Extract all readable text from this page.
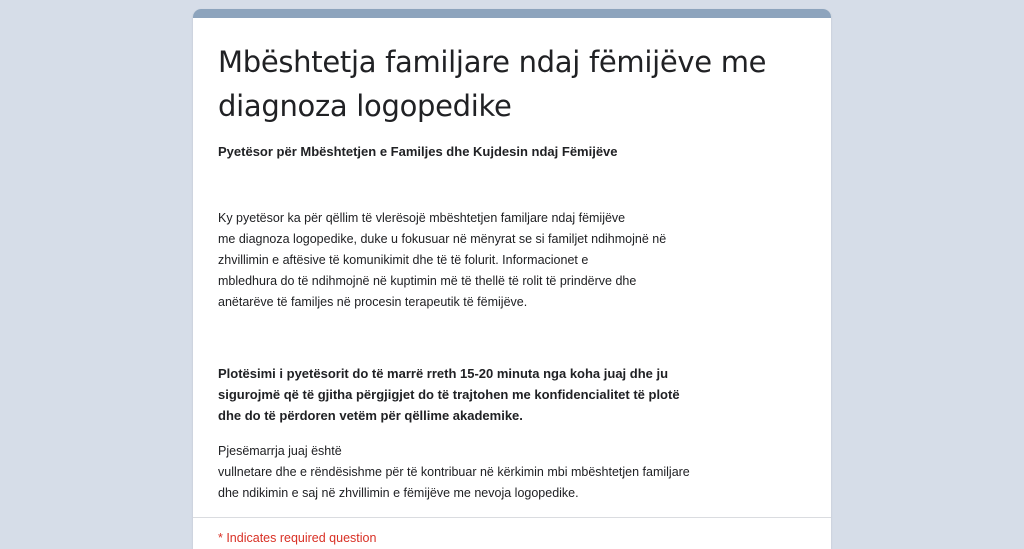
Mbështetja familjare ndaj fëmijëve me diagnoza logopedike

Pyetësor për Mbështetjen e Familjes dhe Kujdesin ndaj Fëmijëve

Ky pyetësor ka për qëllim të vlerësojë mbështetjen familjare ndaj fëmijëve
me diagnoza logopedike, duke u fokusuar në mënyrat se si familjet ndihmojnë në
zhvillimin e aftësive të komunikimit dhe të të folurit. Informacionet e
mbledhura do të ndihmojnë në kuptimin më të thellë të rolit të prindërve dhe
anëtarëve të familjes në procesin terapeutik të fëmijëve.

Plotësimi i pyetësorit do të marrë rreth 15-20 minuta nga koha juaj dhe ju
sigurojmë që të gjitha përgjigjet do të trajtohen me konfidencialitet të plotë
dhe do të përdoren vetëm për qëllime akademike.

Pjesëmarrja juaj është
vullnetare dhe e rëndësishme për të kontribuar në kërkimin mbi mbështetjen familjare
dhe ndikimin e saj në zhvillimin e fëmijëve me nevoja logopedike.

* Indicates required question
